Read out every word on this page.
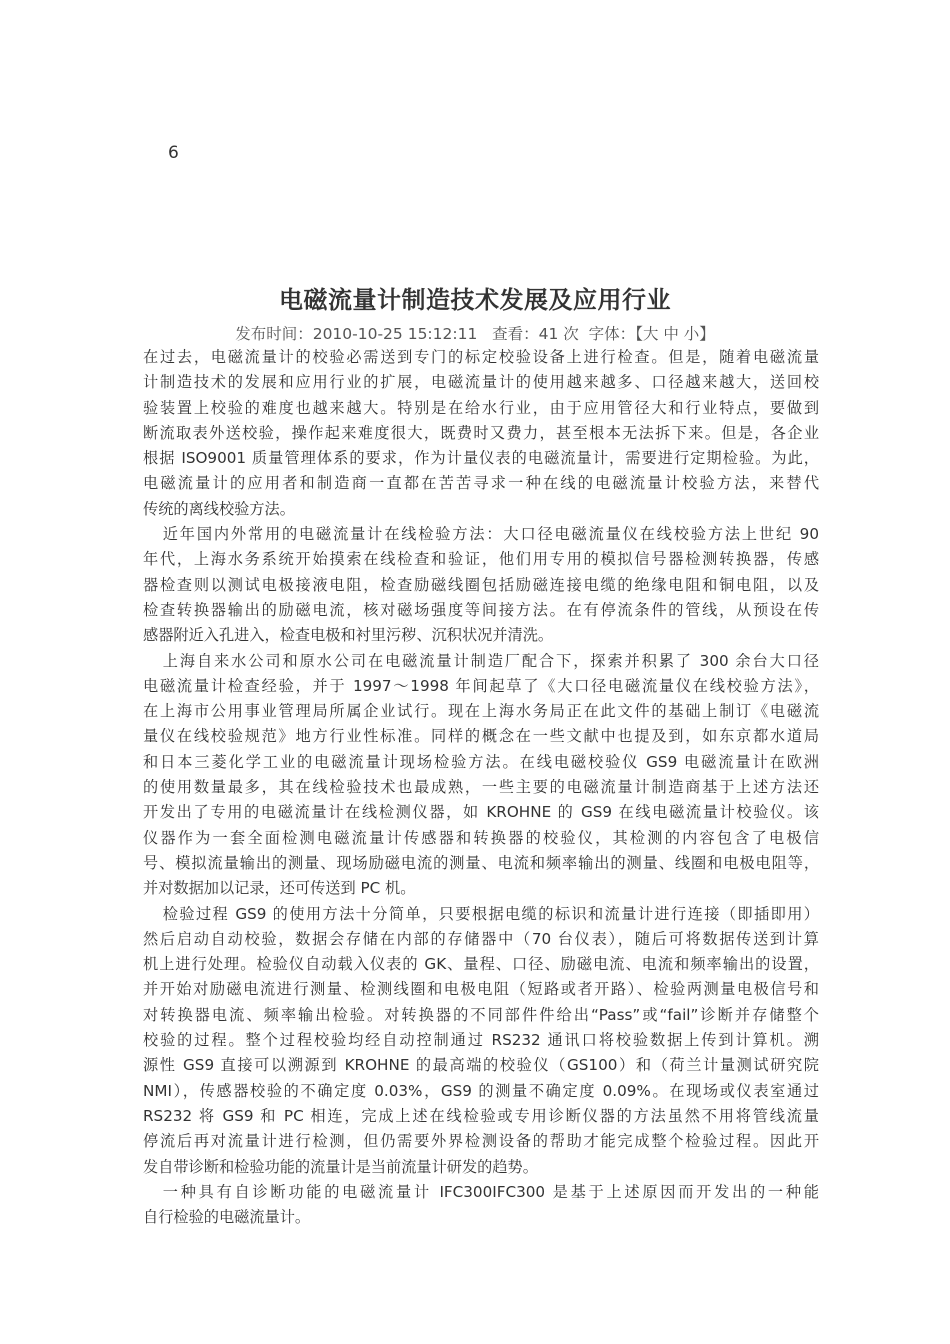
6
电磁流量计制造技术发展及应用行业
发布时间：2010-10-25 15:12:11 查看：41 次 字体：【大 中 小】

在过去，电磁流量计的校验必需送到专门的标定校验设备上进行检查。但是，随着电磁流量
计制造技术的发展和应用行业的扩展，电磁流量计的使用越来越多、口径越来越大，送回校
验装置上校验的难度也越来越大。特别是在给水行业，由于应用管径大和行业特点，要做到
断流取表外送校验，操作起来难度很大，既费时又费力，甚至根本无法拆下来。但是，各企业
根据 ISO9001 质量管理体系的要求，作为计量仪表的电磁流量计，需要进行定期检验。为此，
电磁流量计的应用者和制造商一直都在苦苦寻求一种在线的电磁流量计校验方法，来替代
传统的离线校验方法。

近年国内外常用的电磁流量计在线检验方法：大口径电磁流量仪在线校验方法上世纪 90
年代，上海水务系统开始摸索在线检查和验证，他们用专用的模拟信号器检测转换器，传感
器检查则以测试电极接液电阻，检查励磁线圈包括励磁连接电缆的绝缘电阻和铜电阻，以及
检查转换器输出的励磁电流，核对磁场强度等间接方法。在有停流条件的管线，从预设在传
感器附近入孔进入，检查电极和衬里污秽、沉积状况并清洗。

上海自来水公司和原水公司在电磁流量计制造厂配合下，探索并积累了 300 余台大口径
电磁流量计检查经验，并于 1997～1998 年间起草了《大口径电磁流量仪在线校验方法》，
在上海市公用事业管理局所属企业试行。现在上海水务局正在此文件的基础上制订《电磁流
量仪在线校验规范》地方行业性标准。同样的概念在一些文献中也提及到，如东京都水道局
和日本三菱化学工业的电磁流量计现场检验方法。在线电磁校验仪 GS9 电磁流量计在欧洲
的使用数量最多，其在线检验技术也最成熟，一些主要的电磁流量计制造商基于上述方法还
开发出了专用的电磁流量计在线检测仪器，如 KROHNE 的 GS9 在线电磁流量计校验仪。该
仪器作为一套全面检测电磁流量计传感器和转换器的校验仪，其检测的内容包含了电极信
号、模拟流量输出的测量、现场励磁电流的测量、电流和频率输出的测量、线圈和电极电阻等，
并对数据加以记录，还可传送到 PC 机。

检验过程 GS9 的使用方法十分简单，只要根据电缆的标识和流量计进行连接（即插即用）
然后启动自动校验，数据会存储在内部的存储器中（70 台仪表），随后可将数据传送到计算
机上进行处理。检验仪自动载入仪表的 GK、量程、口径、励磁电流、电流和频率输出的设置，
并开始对励磁电流进行测量、检测线圈和电极电阻（短路或者开路）、检验两测量电极信号和
对转换器电流、频率输出检验。对转换器的不同部件件给出“Pass”或“fail”诊断并存储整个
校验的过程。整个过程校验均经自动控制通过 RS232 通讯口将校验数据上传到计算机。溯
源性 GS9 直接可以溯源到 KROHNE 的最高端的校验仪（GS100）和（荷兰计量测试研究院
NMI），传感器校验的不确定度 0.03%，GS9 的测量不确定度 0.09%。在现场或仪表室通过
RS232 将 GS9 和 PC 相连，完成上述在线检验或专用诊断仪器的方法虽然不用将管线流量
停流后再对流量计进行检测，但仍需要外界检测设备的帮助才能完成整个检验过程。因此开
发自带诊断和检验功能的流量计是当前流量计研发的趋势。

一种具有自诊断功能的电磁流量计 IFC300IFC300 是基于上述原因而开发出的一种能
自行检验的电磁流量计。
